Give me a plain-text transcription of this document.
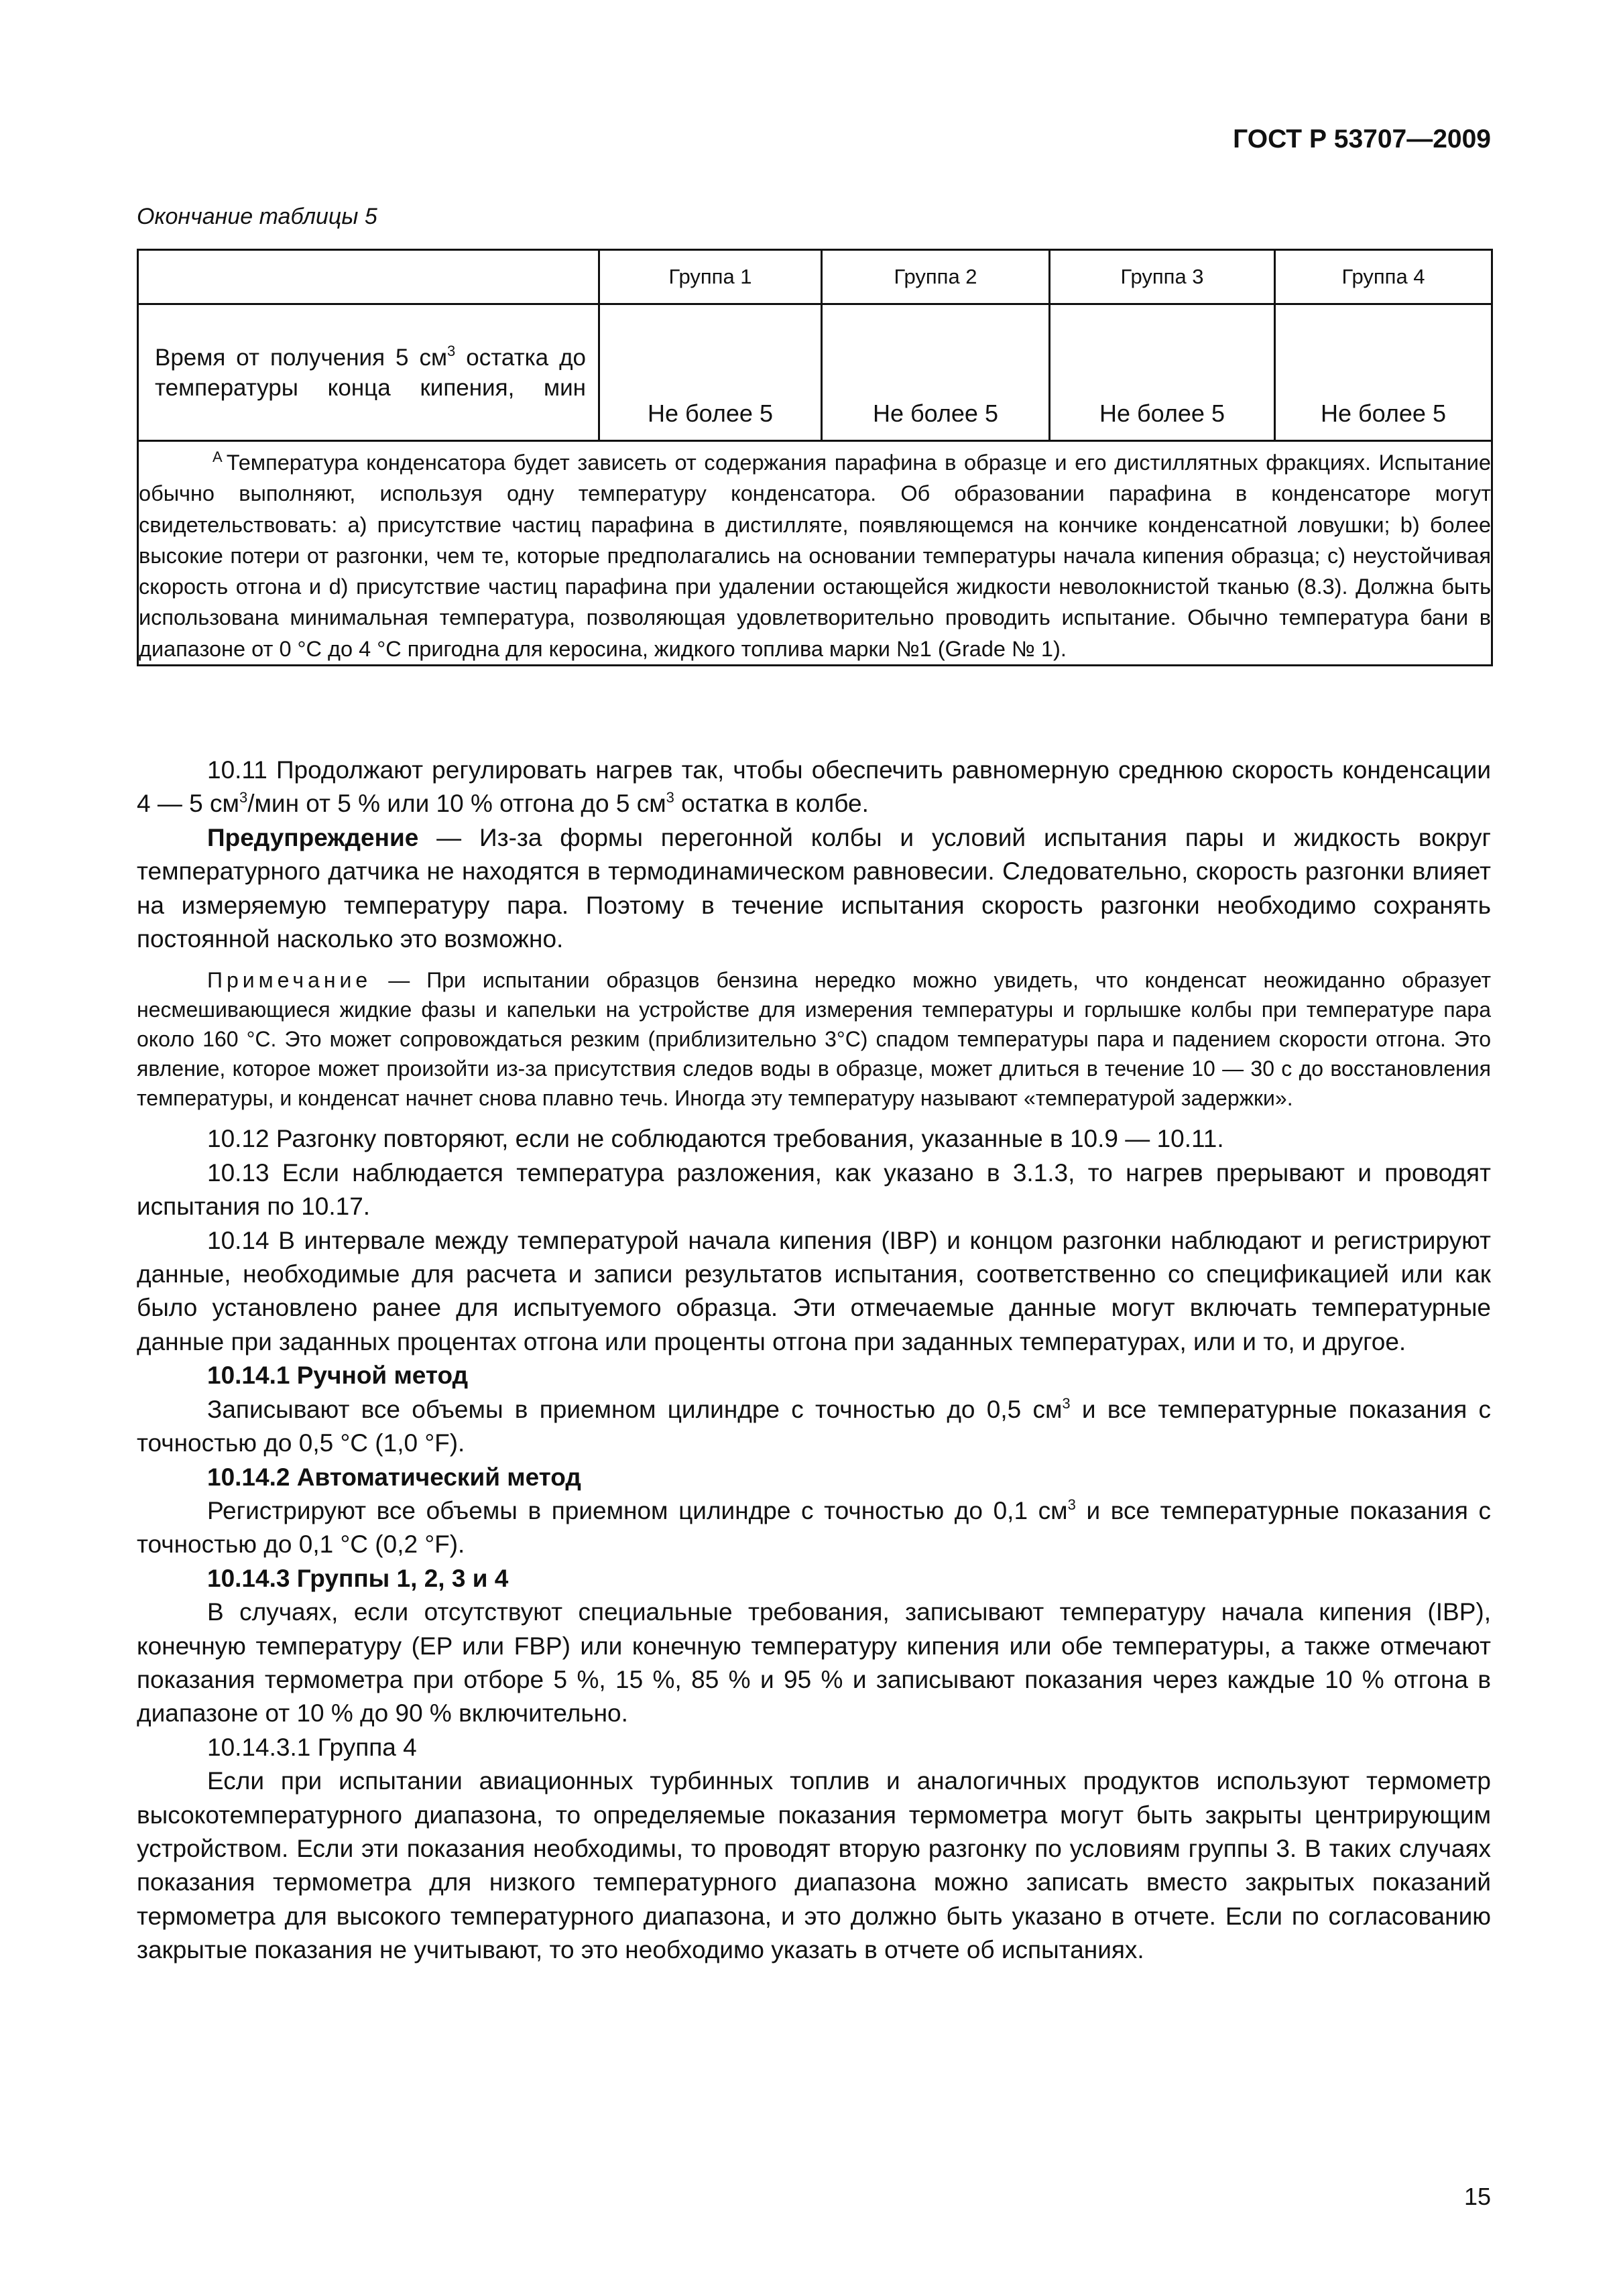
ГОСТ Р 53707—2009
Окончание таблицы 5
	Группа 1	Группа 2	Группа 3	Группа 4
Время от получения 5 $см^3$ остатка до температуры конца кипения, мин	Не более 5	Не более 5	Не более 5	Не более 5
$^A$ Температура конденсатора будет зависеть от содержания парафина в образце и его дистиллятных фракциях. Испытание обычно выполняют, используя одну температуру конденсатора. Об образовании парафина в конденсаторе могут свидетельствовать: a) присутствие частиц парафина в дистилляте, появляющемся на кончике конденсатной ловушки; b) более высокие потери от разгонки, чем те, которые предполагались на основании температуры начала кипения образца; c) неустойчивая скорость отгона и d) присутствие частиц парафина при удалении остающейся жидкости неволокнистой тканью (8.3). Должна быть использована минимальная температура, позволяющая удовлетворительно проводить испытание. Обычно температура бани в диапазоне от 0 °С до 4 °С пригодна для керосина, жидкого топлива марки №1 (Grade № 1).				

10.11 Продолжают регулировать нагрев так, чтобы обеспечить равномерную среднюю скорость конденсации 4 — 5 $см^3$/мин от 5 % или 10 % отгона до 5 $см^3$ остатка в колбе.

Предупреждение — Из-за формы перегонной колбы и условий испытания пары и жидкость вокруг температурного датчика не находятся в термодинамическом равновесии. Следовательно, скорость разгонки влияет на измеряемую температуру пара. Поэтому в течение испытания скорость разгонки необходимо сохранять постоянной насколько это возможно.

Примечание — При испытании образцов бензина нередко можно увидеть, что конденсат неожиданно образует несмешивающиеся жидкие фазы и капельки на устройстве для измерения температуры и горлышке колбы при температуре пара около 160 °С. Это может сопровождаться резким (приблизительно 3°С) спадом температуры пара и падением скорости отгона. Это явление, которое может произойти из-за присутствия следов воды в образце, может длиться в течение 10 — 30 с до восстановления температуры, и конденсат начнет снова плавно течь. Иногда эту температуру называют «температурой задержки».

10.12 Разгонку повторяют, если не соблюдаются требования, указанные в 10.9 — 10.11.

10.13 Если наблюдается температура разложения, как указано в 3.1.3, то нагрев прерывают и проводят испытания по 10.17.

10.14 В интервале между температурой начала кипения (IBP) и концом разгонки наблюдают и регистрируют данные, необходимые для расчета и записи результатов испытания, соответственно со спецификацией или как было установлено ранее для испытуемого образца. Эти отмечаемые данные могут включать температурные данные при заданных процентах отгона или проценты отгона при заданных температурах, или и то, и другое.

10.14.1 Ручной метод

Записывают все объемы в приемном цилиндре с точностью до 0,5 $см^3$ и все температурные показания с точностью до 0,5 °С (1,0 °F).

10.14.2 Автоматический метод

Регистрируют все объемы в приемном цилиндре с точностью до 0,1 $см^3$ и все температурные показания с точностью до 0,1 °С (0,2 °F).

10.14.3 Группы 1, 2, 3 и 4

В случаях, если отсутствуют специальные требования, записывают температуру начала кипения (IBP), конечную температуру (EP или FBP) или конечную температуру кипения или обе температуры, а также отмечают показания термометра при отборе 5 %, 15 %, 85 % и 95 % и записывают показания через каждые 10 % отгона в диапазоне от 10 % до 90 % включительно.

10.14.3.1 Группа 4

Если при испытании авиационных турбинных топлив и аналогичных продуктов используют термометр высокотемпературного диапазона, то определяемые показания термометра могут быть закрыты центрирующим устройством. Если эти показания необходимы, то проводят вторую разгонку по условиям группы 3. В таких случаях показания термометра для низкого температурного диапазона можно записать вместо закрытых показаний термометра для высокого температурного диапазона, и это должно быть указано в отчете. Если по согласованию закрытые показания не учитывают, то это необходимо указать в отчете об испытаниях.

15
